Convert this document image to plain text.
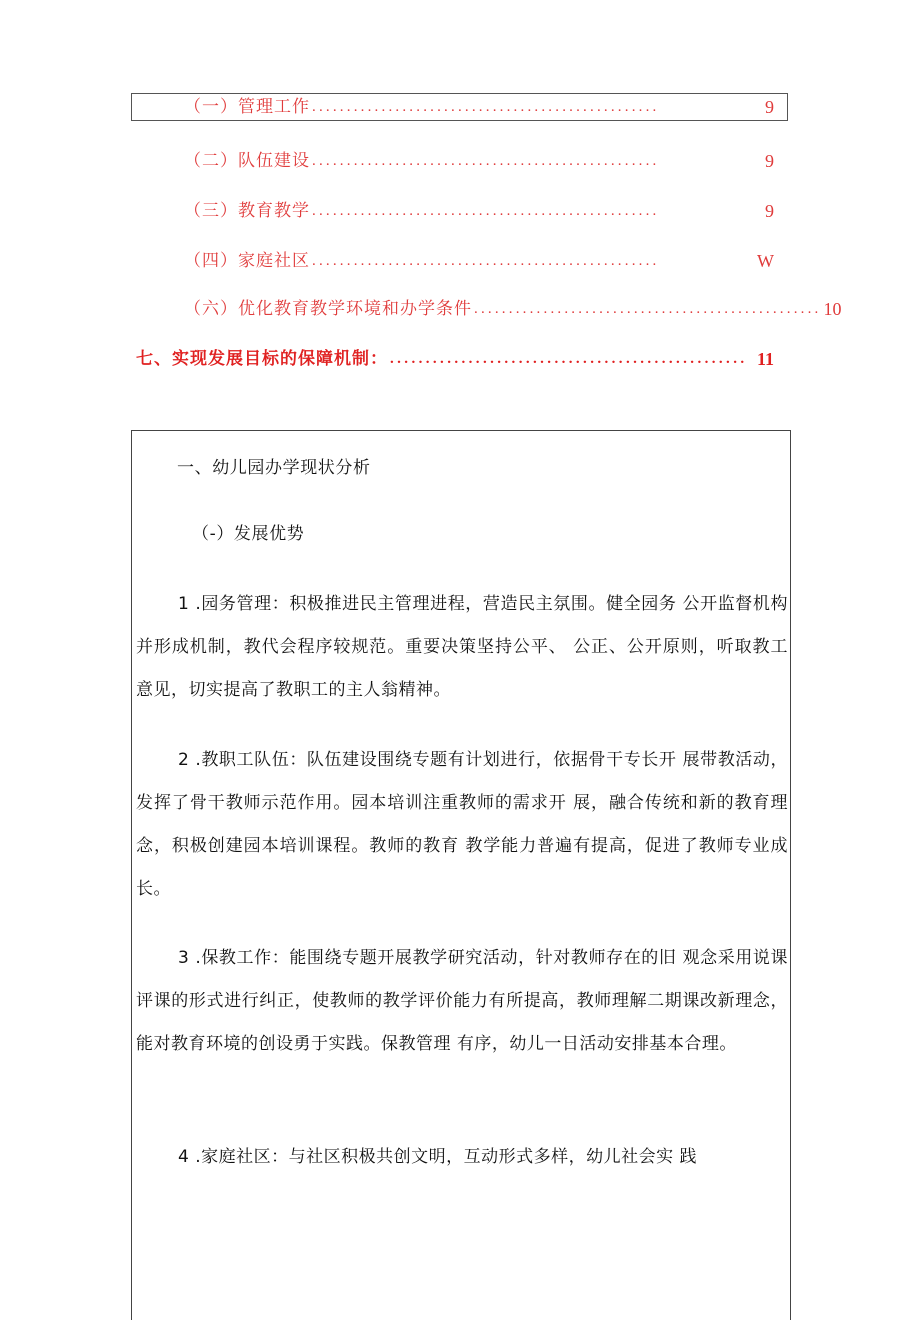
（一）管理工作 ..................................................	9
（二）队伍建设 ..................................................	9
（三）教育教学 ..................................................	9
（四）家庭社区 ..................................................	W
（六）优化教育教学环境和办学条件 .................................................. 10
七、实现发展目标的保障机制： .................................................. 11
一、幼儿园办学现状分析
（-）发展优势
1 .园务管理：积极推进民主管理进程，营造民主氛围。健全园务 公开监督机构并形成机制，教代会程序较规范。重要决策坚持公平、 公正、公开原则，听取教工意见，切实提高了教职工的主人翁精神。
2 .教职工队伍：队伍建设围绕专题有计划进行，依据骨干专长开 展带教活动，发挥了骨干教师示范作用。园本培训注重教师的需求开 展，融合传统和新的教育理念，积极创建园本培训课程。教师的教育 教学能力普遍有提高，促进了教师专业成长。
3 .保教工作：能围绕专题开展教学研究活动，针对教师存在的旧 观念采用说课评课的形式进行纠正，使教师的教学评价能力有所提高，教师理解二期课改新理念，能对教育环境的创设勇于实践。保教管理 有序，幼儿一日活动安排基本合理。
4 .家庭社区：与社区积极共创文明，互动形式多样，幼儿社会实 践
